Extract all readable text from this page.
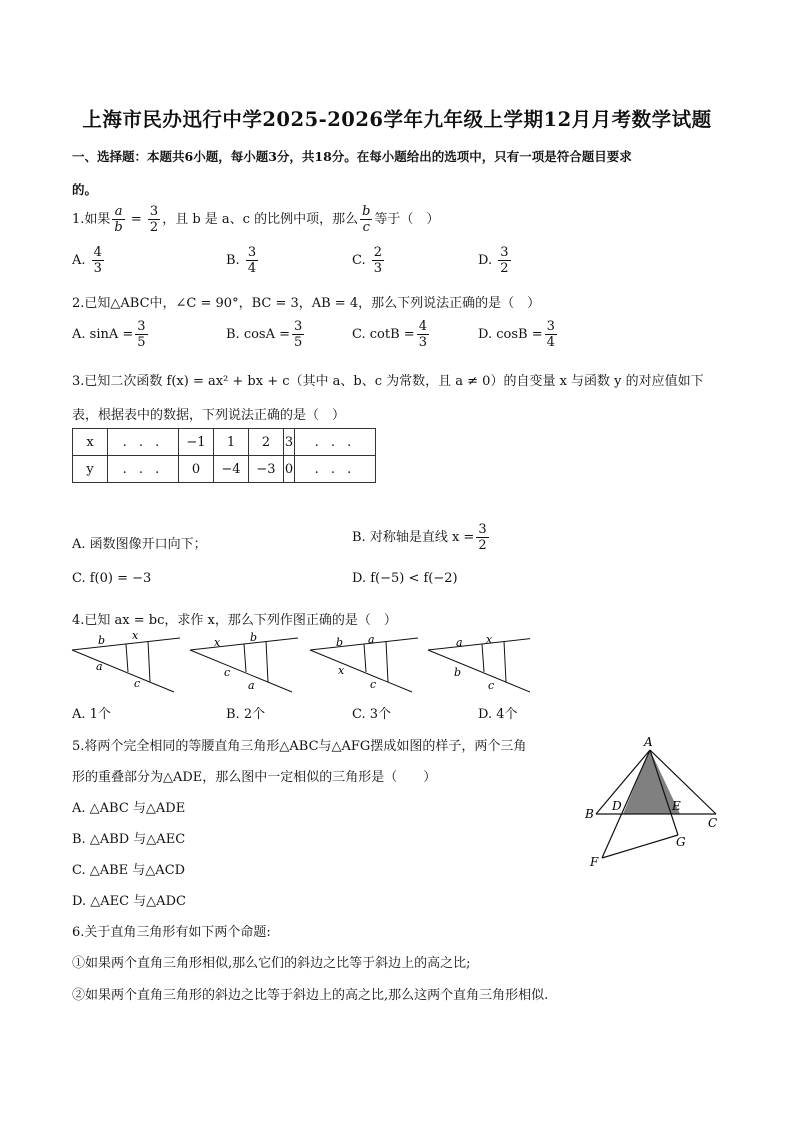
上海市民办迅行中学2025-2026学年九年级上学期12月月考数学试题
一、选择题：本题共6小题，每小题3分，共18分。在每小题给出的选项中，只有一项是符合题目要求
的。
1.如果 $\frac{a}{b} = \frac{3}{2}$ ，且 b 是 a、c 的比例中项，那么 $\frac{b}{c}$ 等于（　）
A. $\frac{4}{3}$	B. $\frac{3}{4}$	C. $\frac{2}{3}$	D. $\frac{3}{2}$
2.已知△ABC中，∠C = 90°，BC = 3，AB = 4，那么下列说法正确的是（　）
A. $\sin A = \frac{3}{5}$	B. $\cos A = \frac{3}{5}$	C. $\cot B = \frac{4}{3}$	D. $\cos B = \frac{3}{4}$
3.已知二次函数 f(x) = ax² + bx + c（其中 a、b、c 为常数，且 a ≠ 0）的自变量 x 与函数 y 的对应值如下
表，根据表中的数据，下列说法正确的是（　）
x	. . .	−1	1	2	3	. . .
y	. . .	0	−4	−3	0	. . .
A. 函数图像开口向下；	B. 对称轴是直线 $x = \frac{3}{2}$
C. f(0) = −3	D. f(−5) < f(−2)
4.已知 ax = bc，求作 x，那么下列作图正确的是（　）
b x
a
c
x	b
c
a
b a
x
c
a x
b
c
A. 1个	B. 2个	C. 3个	D. 4个
5.将两个完全相同的等腰直角三角形△ABC与△AFG摆成如图的样子，两个三角
形的重叠部分为△ADE，那么图中一定相似的三角形是（　　）
A. △ABC 与△ADE
B. △ABD 与△AEC
C. △ABE 与△ACD
D. △AEC 与△ADC
A
B
D	E
C
G
F
6.关于直角三角形有如下两个命题:
①如果两个直角三角形相似,那么它们的斜边之比等于斜边上的高之比;
②如果两个直角三角形的斜边之比等于斜边上的高之比,那么这两个直角三角形相似.
